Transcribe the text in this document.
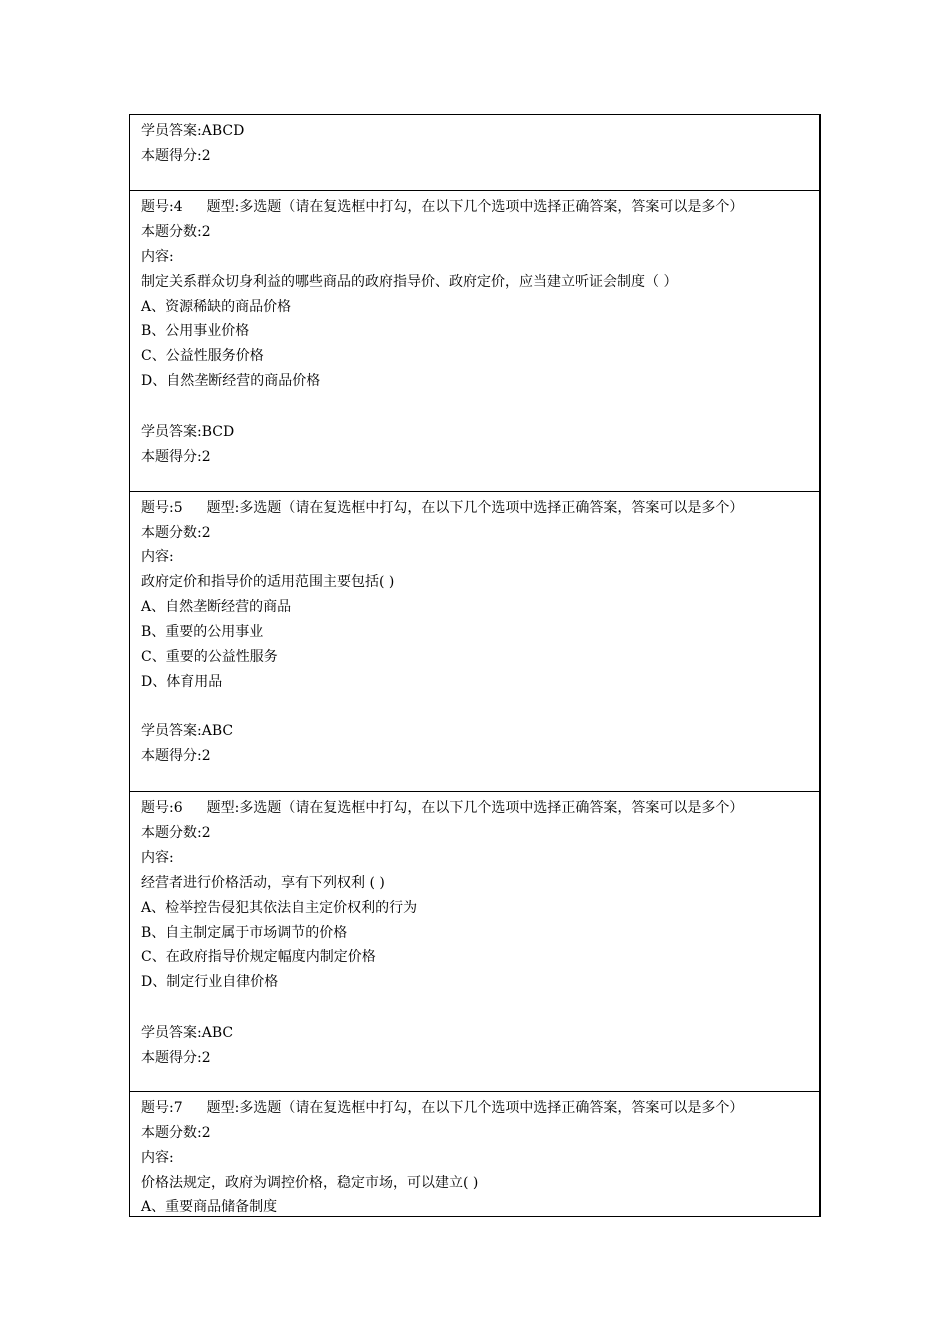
学员答案:ABCD
本题得分:2
题号:4 题型:多选题（请在复选框中打勾，在以下几个选项中选择正确答案，答案可以是多个）
本题分数:2
内容:
制定关系群众切身利益的哪些商品的政府指导价、政府定价，应当建立听证会制度（ ）
A、资源稀缺的商品价格
B、公用事业价格
C、公益性服务价格
D、自然垄断经营的商品价格
学员答案:BCD
本题得分:2
题号:5 题型:多选题（请在复选框中打勾，在以下几个选项中选择正确答案，答案可以是多个）
本题分数:2
内容:
政府定价和指导价的适用范围主要包括( )
A、自然垄断经营的商品
B、重要的公用事业
C、重要的公益性服务
D、体育用品
学员答案:ABC
本题得分:2
题号:6 题型:多选题（请在复选框中打勾，在以下几个选项中选择正确答案，答案可以是多个）
本题分数:2
内容:
经营者进行价格活动，享有下列权利 ( )
A、检举控告侵犯其依法自主定价权利的行为
B、自主制定属于市场调节的价格
C、在政府指导价规定幅度内制定价格
D、制定行业自律价格
学员答案:ABC
本题得分:2
题号:7 题型:多选题（请在复选框中打勾，在以下几个选项中选择正确答案，答案可以是多个）
本题分数:2
内容:
价格法规定，政府为调控价格，稳定市场，可以建立( )
A、重要商品储备制度
